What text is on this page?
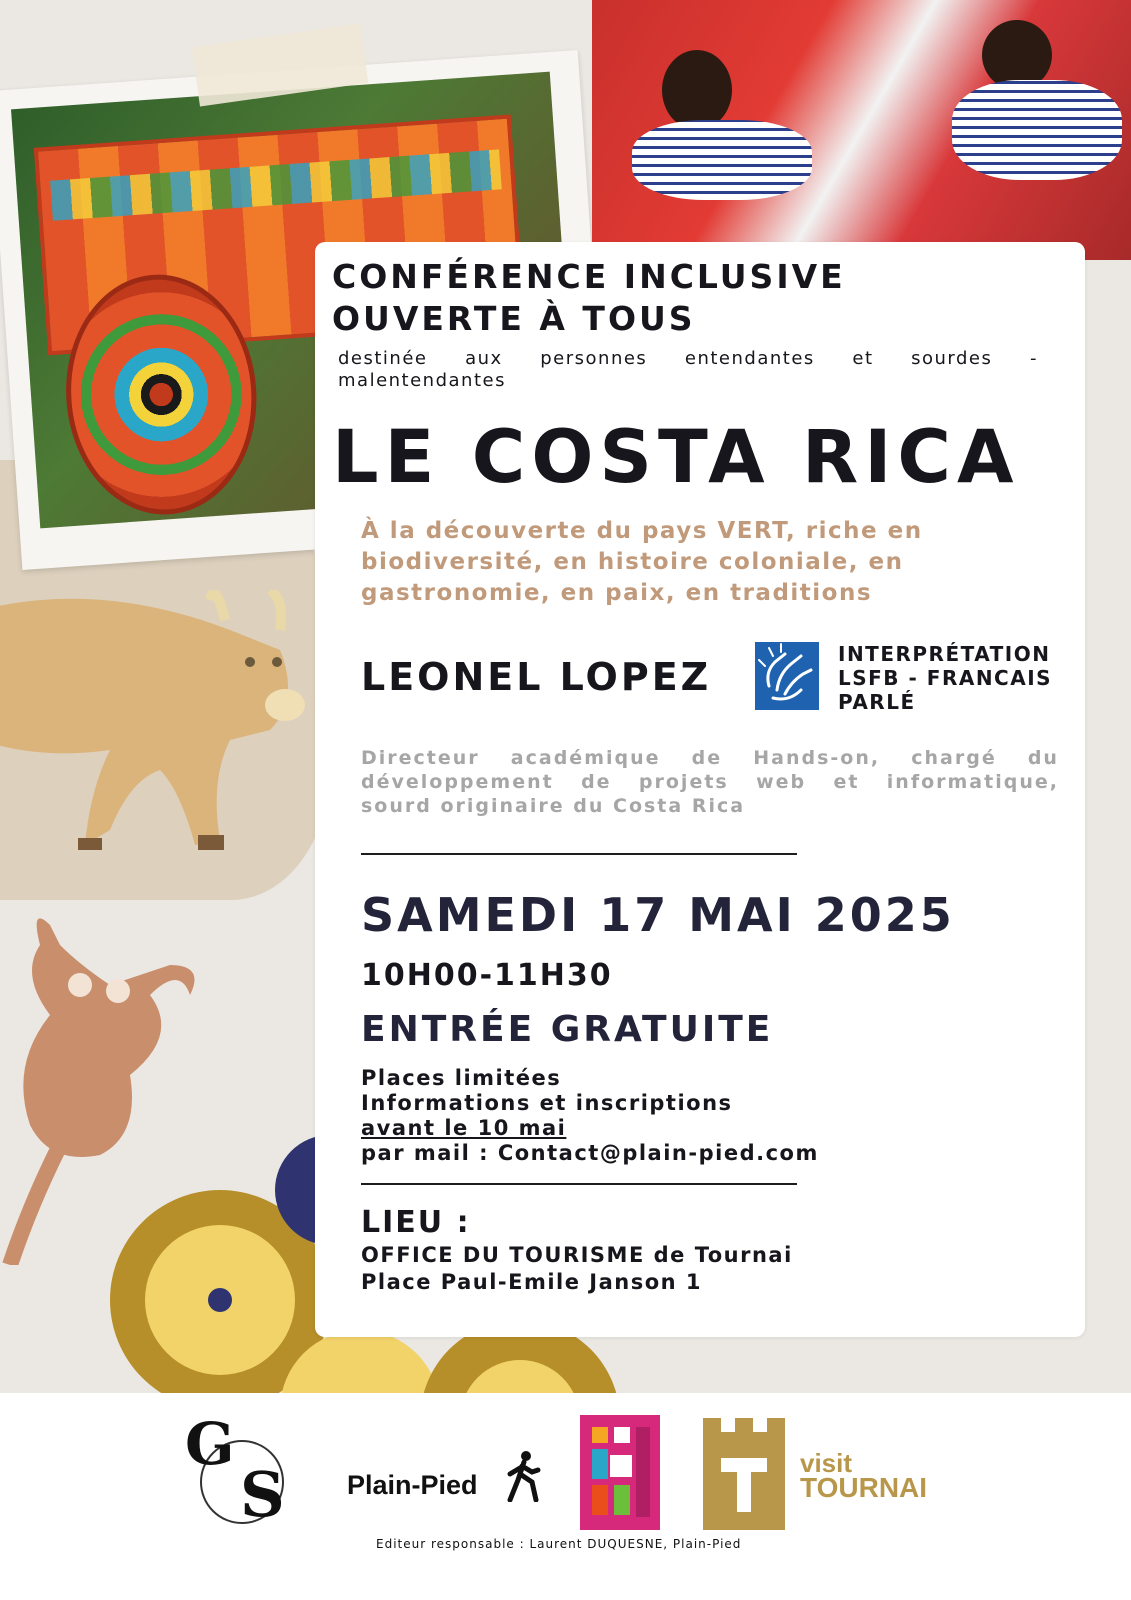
CONFÉRENCE INCLUSIVE
OUVERTE À TOUS

destinée aux personnes entendantes et sourdes -
malentendantes
LE COSTA RICA

À la découverte du pays VERT, riche en
biodiversité, en histoire coloniale, en
gastronomie, en paix, en traditions

LEONEL LOPEZ

INTERPRÉTATION
LSFB - FRANCAIS
PARLÉ

Directeur académique de Hands-on, chargé du
développement de projets web et informatique,
sourd originaire du Costa Rica
SAMEDI 17 MAI 2025
10H00-11H30
ENTRÉE GRATUITE

Places limitées
Informations et inscriptions
avant le 10 mai
par mail : Contact@plain-pied.com

LIEU :

OFFICE DU TOURISME de Tournai
Place Paul-Emile Janson 1

G
S Plain-Pied
visit
TOURNAI
Editeur responsable : Laurent DUQUESNE, Plain-Pied
